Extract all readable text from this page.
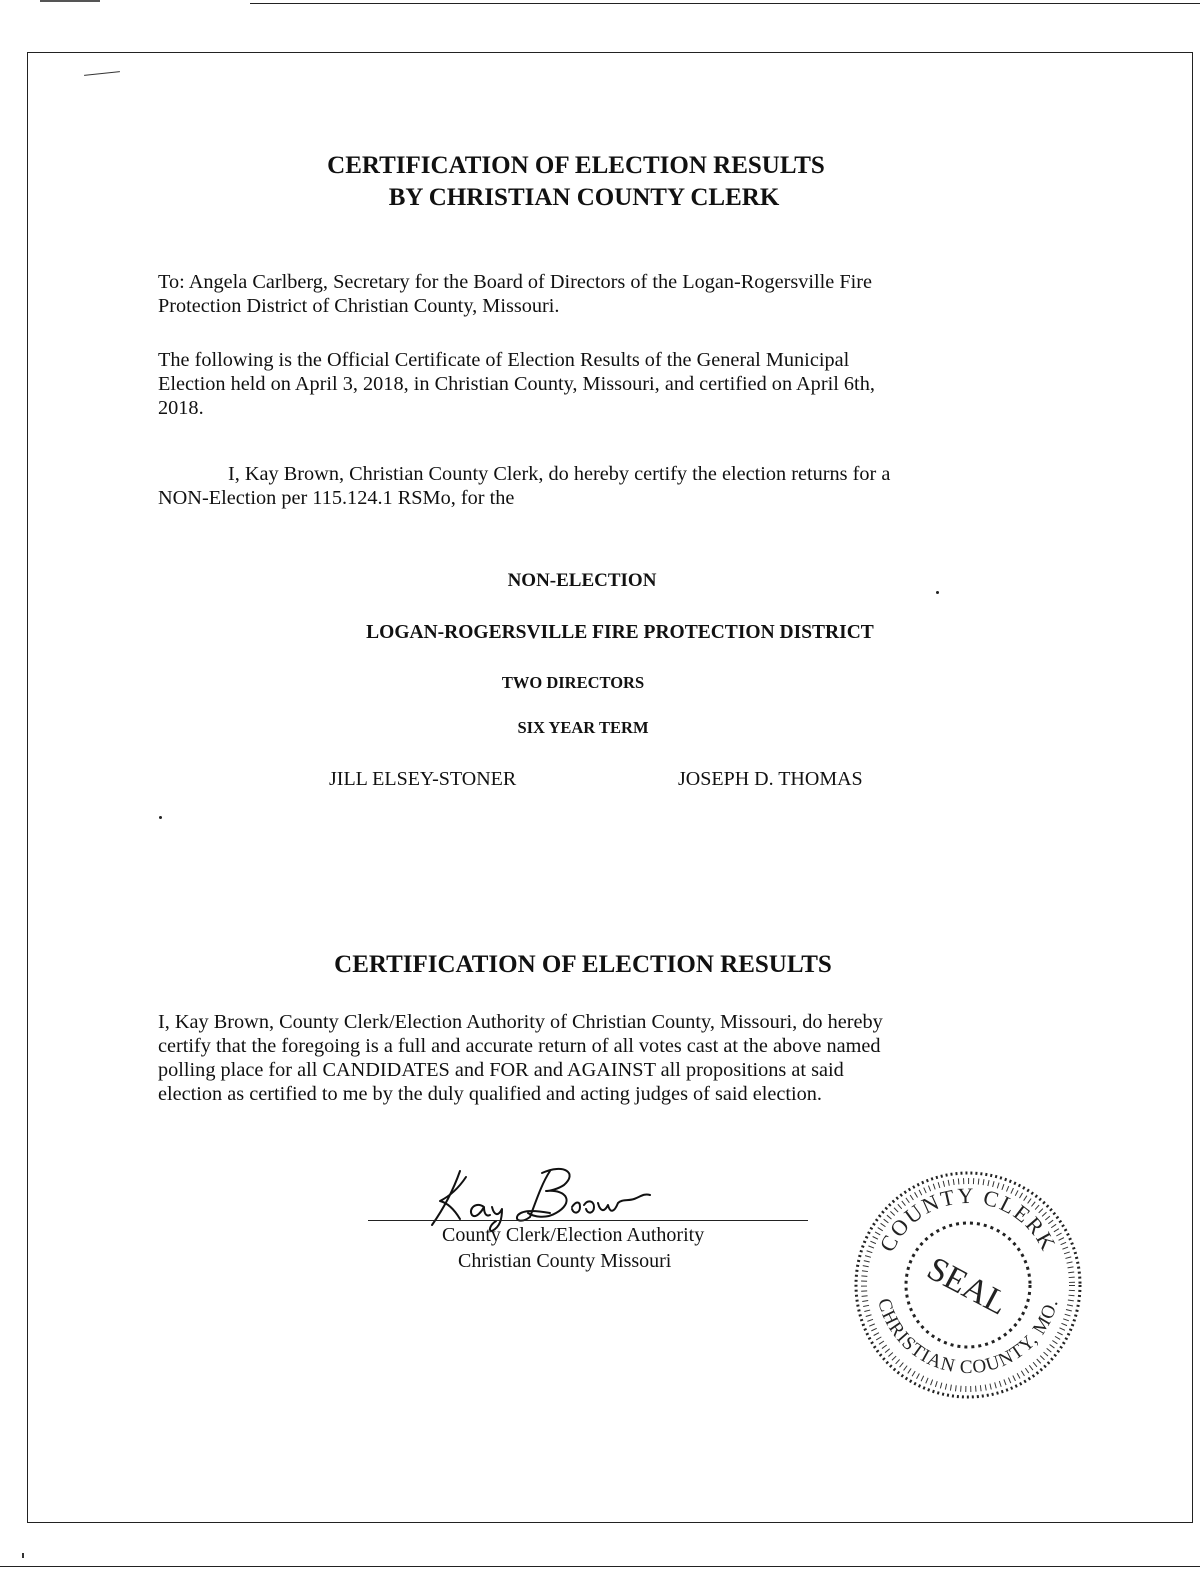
CERTIFICATION OF ELECTION RESULTS
BY CHRISTIAN COUNTY CLERK
To: Angela Carlberg, Secretary for the Board of Directors of the Logan-Rogersville Fire
Protection District of Christian County, Missouri.
The following is the Official Certificate of Election Results of the General Municipal
Election held on April 3, 2018, in Christian County, Missouri, and certified on April 6th,
2018.
I, Kay Brown, Christian County Clerk, do hereby certify the election returns for a
NON-Election per 115.124.1 RSMo, for the
NON-ELECTION
LOGAN-ROGERSVILLE FIRE PROTECTION DISTRICT
TWO DIRECTORS
SIX YEAR TERM
JILL ELSEY-STONER	JOSEPH D. THOMAS
CERTIFICATION OF ELECTION RESULTS
I, Kay Brown, County Clerk/Election Authority of Christian County, Missouri, do hereby
certify that the foregoing is a full and accurate return of all votes cast at the above named
polling place for all CANDIDATES and FOR and AGAINST all propositions at said
election as certified to me by the duly qualified and acting judges of said election.
County Clerk/Election Authority
Christian County Missouri
COUNTY CLERK
CHRISTIAN COUNTY, MO.
SEAL
